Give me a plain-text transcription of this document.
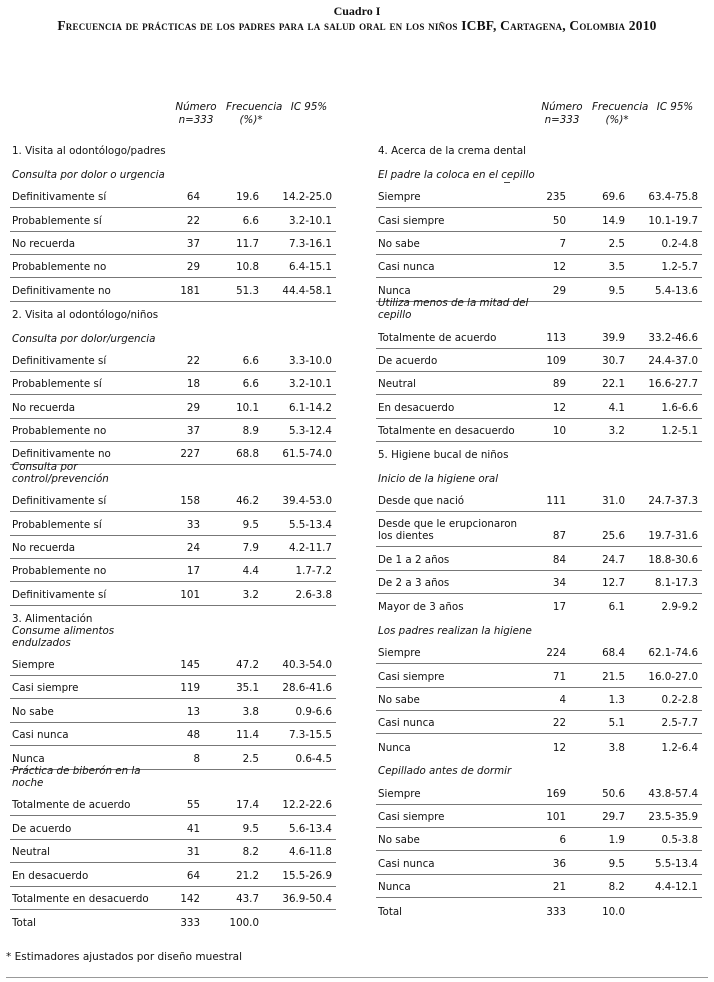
Cuadro I
Frecuencia de prácticas de los padres para la salud oral en los niños ICBF, Cartagena, Colombia 2010
Número
n=333
Frecuencia
(%)*
IC 95%
1. Visita al odontólogo/padres
Consulta por dolor o urgencia
Definitivamente sí	64	19.6 14.2-25.0
Probablemente sí	22	6.6	3.2-10.1
No recuerda	37	11.7	7.3-16.1
Probablemente no	29	10.8	6.4-15.1
Definitivamente no	181	51.3 44.4-58.1
2. Visita al odontólogo/niños
Consulta por dolor/urgencia
Definitivamente sí	22	6.6	3.3-10.0
Probablemente sí	18	6.6	3.2-10.1
No recuerda	29	10.1	6.1-14.2
Probablemente no	37	8.9	5.3-12.4
Definitivamente no	227	68.8 61.5-74.0
Consulta por control/prevención
Definitivamente sí	158	46.2 39.4-53.0
Probablemente sí	33	9.5	5.5-13.4
No recuerda	24	7.9	4.2-11.7
Probablemente no	17	4.4	1.7-7.2
Definitivamente sí	101	3.2	2.6-3.8
3. Alimentación
Consume alimentos endulzados
Siempre	145	47.2 40.3-54.0
Casi siempre	119	35.1 28.6-41.6
No sabe	13	3.8	0.9-6.6
Casi nunca	48	11.4	7.3-15.5
Nunca	8	2.5	0.6-4.5
Práctica de biberón en la noche
Totalmente de acuerdo	55	17.4 12.2-22.6
De acuerdo	41	9.5	5.6-13.4
Neutral	31	8.2	4.6-11.8
En desacuerdo	64	21.2 15.5-26.9
Totalmente en desacuerdo	142	43.7 36.9-50.4
Total	333	100.0
Número
n=333
Frecuencia
(%)*
IC 95%
4. Acerca de la crema dental
El padre la coloca en el cepillo
Siempre	235	69.6 63.4-75.8
Casi siempre	50	14.9 10.1-19.7
No sabe	7	2.5	0.2-4.8
Casi nunca	12	3.5	1.2-5.7
Nunca	29	9.5	5.4-13.6
Utiliza menos de la mitad del cepillo
Totalmente de acuerdo	113	39.9 33.2-46.6
De acuerdo	109	30.7 24.4-37.0
Neutral	89	22.1 16.6-27.7
En desacuerdo	12	4.1	1.6-6.6
Totalmente en desacuerdo	10	3.2	1.2-5.1
5. Higiene bucal de niños
Inicio de la higiene oral
Desde que nació	111	31.0 24.7-37.3
Desde que le erupcionaron los dientes	87	25.6 19.7-31.6
De 1 a 2 años	84	24.7 18.8-30.6
De 2 a 3 años	34	12.7	8.1-17.3
Mayor de 3 años	17	6.1	2.9-9.2
Los padres realizan la higiene
Siempre	224	68.4 62.1-74.6
Casi siempre	71	21.5 16.0-27.0
No sabe	4	1.3	0.2-2.8
Casi nunca	22	5.1	2.5-7.7
Nunca	12	3.8	1.2-6.4
Cepillado antes de dormir
Siempre	169	50.6 43.8-57.4
Casi siempre	101	29.7 23.5-35.9
No sabe	6	1.9	0.5-3.8
Casi nunca	36	9.5	5.5-13.4
Nunca	21	8.2	4.4-12.1
Total	333	10.0
* Estimadores ajustados por diseño muestral
